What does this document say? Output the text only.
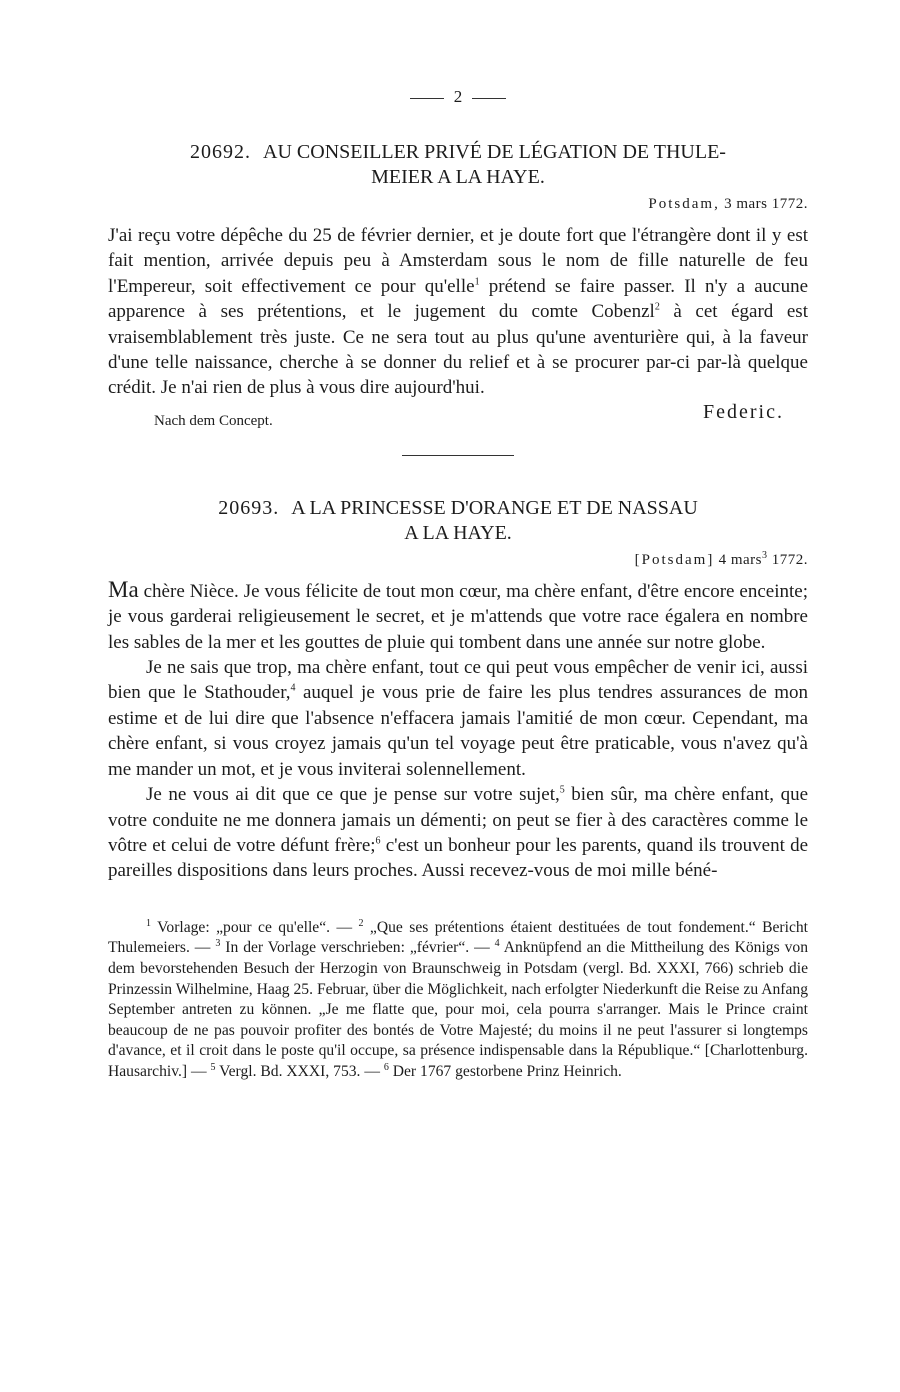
2
20692. AU CONSEILLER PRIVÉ DE LÉGATION DE THULE-
MEIER A LA HAYE.
Potsdam, 3 mars 1772.

J'ai reçu votre dépêche du 25 de février dernier, et je doute fort que l'étrangère dont il y est fait mention, arrivée depuis peu à Amsterdam sous le nom de fille naturelle de feu l'Empereur, soit effectivement ce pour qu'elle$^1$ prétend se faire passer. Il n'y a aucune apparence à ses prétentions, et le jugement du comte Cobenzl$^2$ à cet égard est vraisemblablement très juste. Ce ne sera tout au plus qu'une aventurière qui, à la faveur d'une telle naissance, cherche à se donner du relief et à se procurer par-ci par-là quelque crédit. Je n'ai rien de plus à vous dire aujourd'hui.

Nach dem Concept.	Federic.
20693. A LA PRINCESSE D'ORANGE ET DE NASSAU
A LA HAYE.
[Potsdam] 4 mars$^3$ 1772.

Ma chère Nièce. Je vous félicite de tout mon cœur, ma chère enfant, d'être encore enceinte; je vous garderai religieusement le secret, et je m'attends que votre race égalera en nombre les sables de la mer et les gouttes de pluie qui tombent dans une année sur notre globe.

Je ne sais que trop, ma chère enfant, tout ce qui peut vous empêcher de venir ici, aussi bien que le Stathouder,$^4$ auquel je vous prie de faire les plus tendres assurances de mon estime et de lui dire que l'absence n'effacera jamais l'amitié de mon cœur. Cependant, ma chère enfant, si vous croyez jamais qu'un tel voyage peut être praticable, vous n'avez qu'à me mander un mot, et je vous inviterai solennellement.

Je ne vous ai dit que ce que je pense sur votre sujet,$^5$ bien sûr, ma chère enfant, que votre conduite ne me donnera jamais un démenti; on peut se fier à des caractères comme le vôtre et celui de votre défunt frère;$^6$ c'est un bonheur pour les parents, quand ils trouvent de pareilles dispositions dans leurs proches. Aussi recevez-vous de moi mille béné-

$^1$ Vorlage: „pour ce qu'elle“. — $^2$ „Que ses prétentions étaient destituées de tout fondement.“ Bericht Thulemeiers. — $^3$ In der Vorlage verschrieben: „février“. — $^4$ Anknüpfend an die Mittheilung des Königs von dem bevorstehenden Besuch der Herzogin von Braunschweig in Potsdam (vergl. Bd. XXXI, 766) schrieb die Prinzessin Wilhelmine, Haag 25. Februar, über die Möglichkeit, nach erfolgter Niederkunft die Reise zu Anfang September antreten zu können. „Je me flatte que, pour moi, cela pourra s'arranger. Mais le Prince craint beaucoup de ne pas pouvoir profiter des bontés de Votre Majesté; du moins il ne peut l'assurer si longtemps d'avance, et il croit dans le poste qu'il occupe, sa présence indispensable dans la République.“ [Charlottenburg. Hausarchiv.] — $^5$ Vergl. Bd. XXXI, 753. — $^6$ Der 1767 gestorbene Prinz Heinrich.
